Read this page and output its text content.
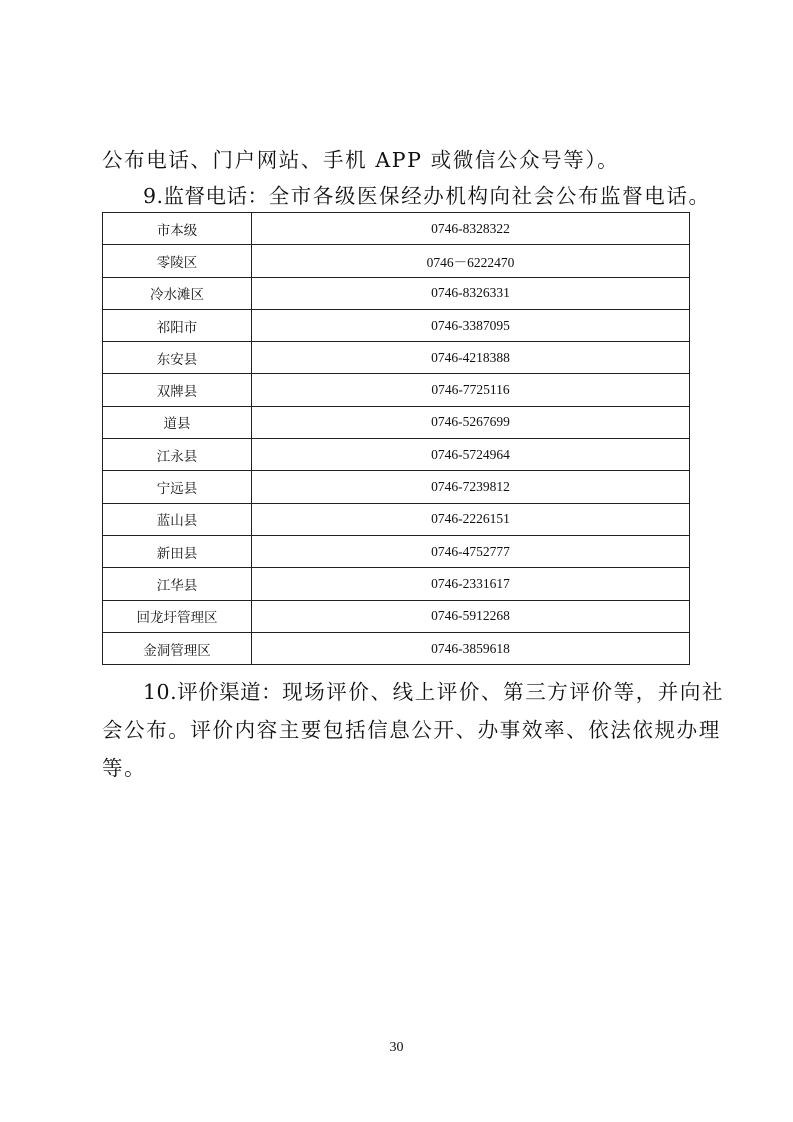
公布电话、门户网站、手机 APP 或微信公众号等）。
9.监督电话：全市各级医保经办机构向社会公布监督电话。
市本级	0746-8328322
零陵区	0746－6222470
冷水滩区	0746-8326331
祁阳市	0746-3387095
东安县	0746-4218388
双牌县	0746-7725116
道县	0746-5267699
江永县	0746-5724964
宁远县	0746-7239812
蓝山县	0746-2226151
新田县	0746-4752777
江华县	0746-2331617
回龙圩管理区	0746-5912268
金洞管理区	0746-3859618
10.评价渠道：现场评价、线上评价、第三方评价等，并向社
会公布。评价内容主要包括信息公开、办事效率、依法依规办理
等。
30
